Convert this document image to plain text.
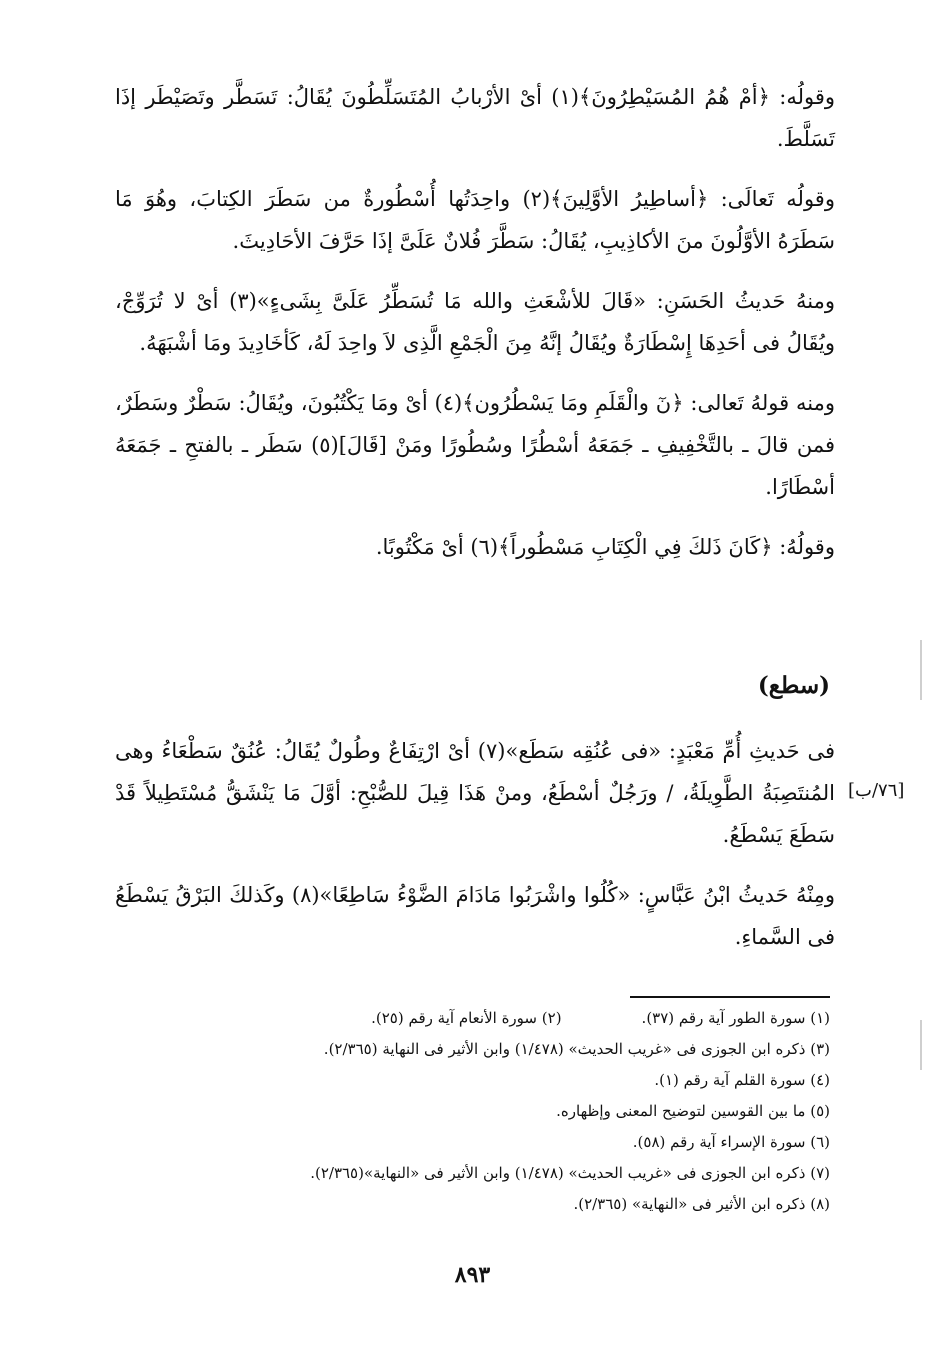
وقولُه: ﴿أمْ هُمُ المُسَيْطِرُونَ﴾(١) أىْ الأرْبابُ المُتَسَلِّطُونَ يُقَالُ: تَسَطَّر وتَصَيْطَر إذَا تَسَلَّطَ.

وقولُه تَعالَى: ﴿أساطِيرُ الأوَّلِينَ﴾(٢) واحِدَتُها أُسْطُورةٌ من سَطَرَ الكِتابَ، وهُوَ مَا سَطَرَهُ الأوَّلُونَ منَ الأكاذِيبِ، يُقَالُ: سَطَّرَ فُلانٌ عَلَىَّ إذَا حَرَّفَ الأحَادِيثَ.

ومنهُ حَديثُ الحَسَنِ: «قَالَ للأشْعَثِ والله مَا تُسَطِّرُ عَلَىَّ بِشَىءٍ»(٣) أىْ لا تُرَوِّجْ، ويُقَالُ فى أحَدِهَا إِسْطَارَةٌ ويُقَالُ إنَّهُ مِنَ الْجَمْعِ الَّذِى لاَ واحِدَ لَهُ، كَأخَادِيدَ ومَا أشْبَهَهُ.

ومنه قولهُ تَعالى: ﴿نٓ والْقَلَمِ ومَا يَسْطُرُون﴾(٤) أىْ ومَا يَكْتُبُونَ، ويُقَالُ: سَطْرٌ وسَطَرٌ، فمن قالَ ـ بالتَّخْفِيفِ ـ جَمَعَهُ أسْطُرًا وسُطُورًا ومَنْ [قَالَ](٥) سَطَر ـ بالفتحِ ـ جَمَعَهُ أسْطَارًا.

وقولُهُ: ﴿كَانَ ذَلكَ فِي الْكِتَابِ مَسْطُوراً﴾(٦) أىْ مَكْتُوبًا.

(سطع)

فى حَديثِ أُمِّ مَعْبَدٍ: «فى عُنُقِه سَطَع»(٧) أىْ ارْتِفَاعٌ وطُولٌ يُقَالُ: عُنُقٌ سَطْعَاءُ وهى المُنتَصِبَةُ الطَّوِيلَةُ، / ورَجُلٌ أسْطَعُ، ومنْ هَذَا قِيلَ للصُّبْحِ: أوَّلَ مَا يَنْشَقُّ مُسْتَطِيلاً قَدْ سَطَعَ يَسْطَعُ.

ومِنْهُ حَديثُ ابْنُ عَبَّاسٍ: «كُلُوا واشْرَبُوا مَادَامَ الضَّوْءُ سَاطِعًا»(٨) وكَذلكَ البَرْقُ يَسْطَعُ فى السَّماءِ.

[٧٦/ب]
(١) سورة الطور آية رقم (٣٧).(٢) سورة الأنعام آية رقم (٢٥).
(٣) ذكره ابن الجوزى فى «غريب الحديث» (١/٤٧٨) وابن الأثير فى النهاية (٢/٣٦٥).
(٤) سورة القلم آية رقم (١).
(٥) ما بين القوسين لتوضيح المعنى وإظهاره.
(٦) سورة الإسراء آية رقم (٥٨).
(٧) ذكره ابن الجوزى فى «غريب الحديث» (١/٤٧٨) وابن الأثير فى «النهاية»(٢/٣٦٥).
(٨) ذكره ابن الأثير فى «النهاية» (٢/٣٦٥).
٨٩٣
